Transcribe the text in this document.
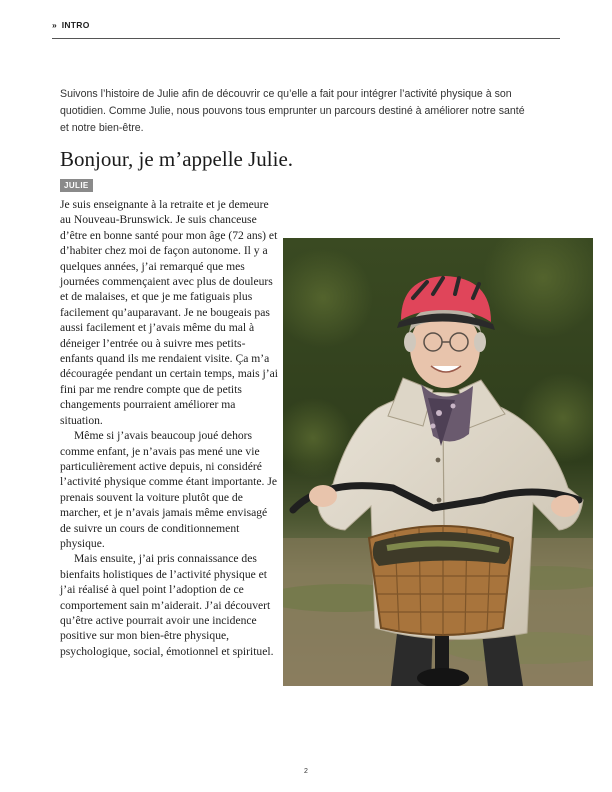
» INTRO
Suivons l’histoire de Julie afin de découvrir ce qu’elle a fait pour intégrer l’activité physique à son quotidien. Comme Julie, nous pouvons tous emprunter un parcours destiné à améliorer notre santé et notre bien-être.
Bonjour, je m’appelle Julie.
JULIE

Je suis enseignante à la retraite et je demeure au Nouveau-Brunswick. Je suis chanceuse d’être en bonne santé pour mon âge (72 ans) et d’habiter chez moi de façon autonome. Il y a quelques années, j’ai remarqué que mes journées commençaient avec plus de douleurs et de malaises, et que je me fatiguais plus facilement qu’auparavant. Je ne bougeais pas aussi facilement et j’avais même du mal à déneiger l’entrée ou à suivre mes petits-enfants quand ils me rendaient visite. Ça m’a découragée pendant un certain temps, mais j’ai fini par me rendre compte que de petits changements pourraient améliorer ma situation.

Même si j’avais beaucoup joué dehors comme enfant, je n’avais pas mené une vie particulièrement active depuis, ni considéré l’activité physique comme étant importante. Je prenais souvent la voiture plutôt que de marcher, et je n’avais jamais même envisagé de suivre un cours de conditionnement physique.

Mais ensuite, j’ai pris connaissance des bienfaits holistiques de l’activité physique et j’ai réalisé à quel point l’adoption de ce comportement sain m’aiderait. J’ai découvert qu’être active pourrait avoir une incidence positive sur mon bien-être physique, psychologique, social, émotionnel et spirituel.

2
